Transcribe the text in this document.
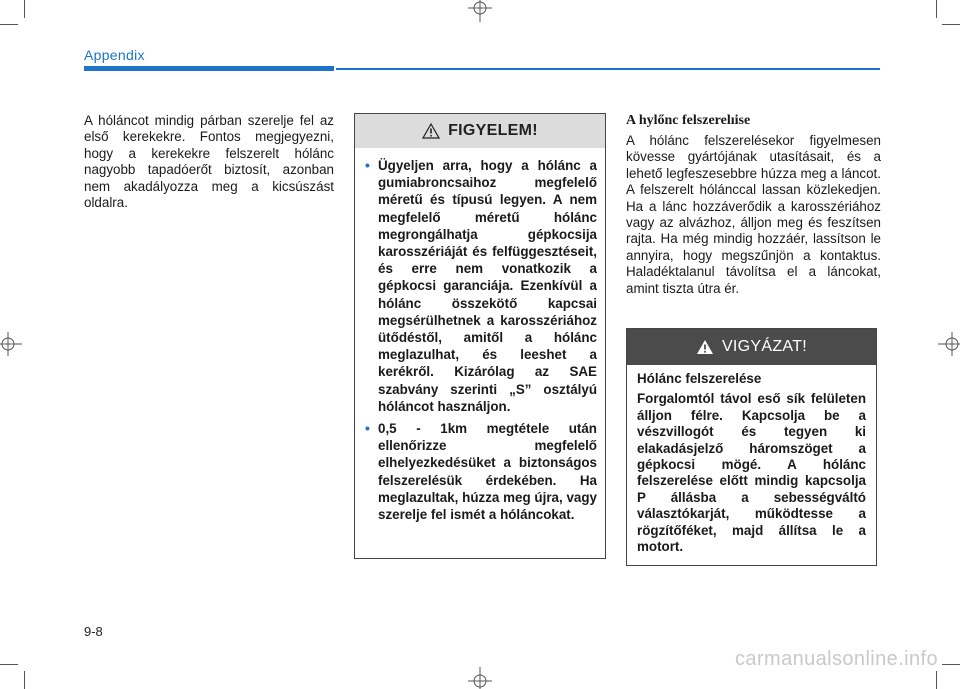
Appendix

A hóláncot mindig párban szerelje fel az első kerekekre. Fontos megjegyezni, hogy a kerekekre felszerelt hólánc nagyobb tapadóerőt biztosít, azonban nem akadályozza meg a kicsúszást oldalra.

FIGYELEM!
• Ügyeljen arra, hogy a hólánc a gumiabroncsaihoz megfelelő méretű és típusú legyen. A nem megfelelő méretű hólánc megrongálhatja gépkocsija karosszériáját és felfüggesztéseit, és erre nem vonatkozik a gépkocsi garanciája. Ezenkívül a hólánc összekötő kapcsai megsérülhetnek a karosszériához ütődéstől, amitől a hólánc meglazulhat, és leeshet a kerékről. Kizárólag az SAE szabvány szerinti „S” osztályú hóláncot használjon.
• 0,5 - 1km megtétele után ellenőrizze megfelelő elhelyezkedésüket a biztonságos felszerelésük érdekében. Ha meglazultak, húzza meg újra, vagy szerelje fel ismét a hóláncokat.
A hylőnc felszerelıise

A hólánc felszerelésekor figyelmesen kövesse gyártójának utasításait, és a lehető legfeszesebbre húzza meg a láncot. A felszerelt hólánccal lassan közlekedjen. Ha a lánc hozzáverődik a karosszériához vagy az alvázhoz, álljon meg és feszítsen rajta. Ha még mindig hozzáér, lassítson le annyira, hogy megszűnjön a kontaktus. Haladéktalanul távolítsa el a láncokat, amint tiszta útra ér.

VIGYÁZAT!

Hólánc felszerelése

Forgalomtól távol eső sík felületen álljon félre. Kapcsolja be a vészvillogót és tegyen ki elakadásjelző háromszöget a gépkocsi mögé. A hólánc felszerelése előtt mindig kapcsolja P állásba a sebességváltó választókarját, működtesse a rögzítőféket, majd állítsa le a motort.

9-8
carmanualsonline.info
